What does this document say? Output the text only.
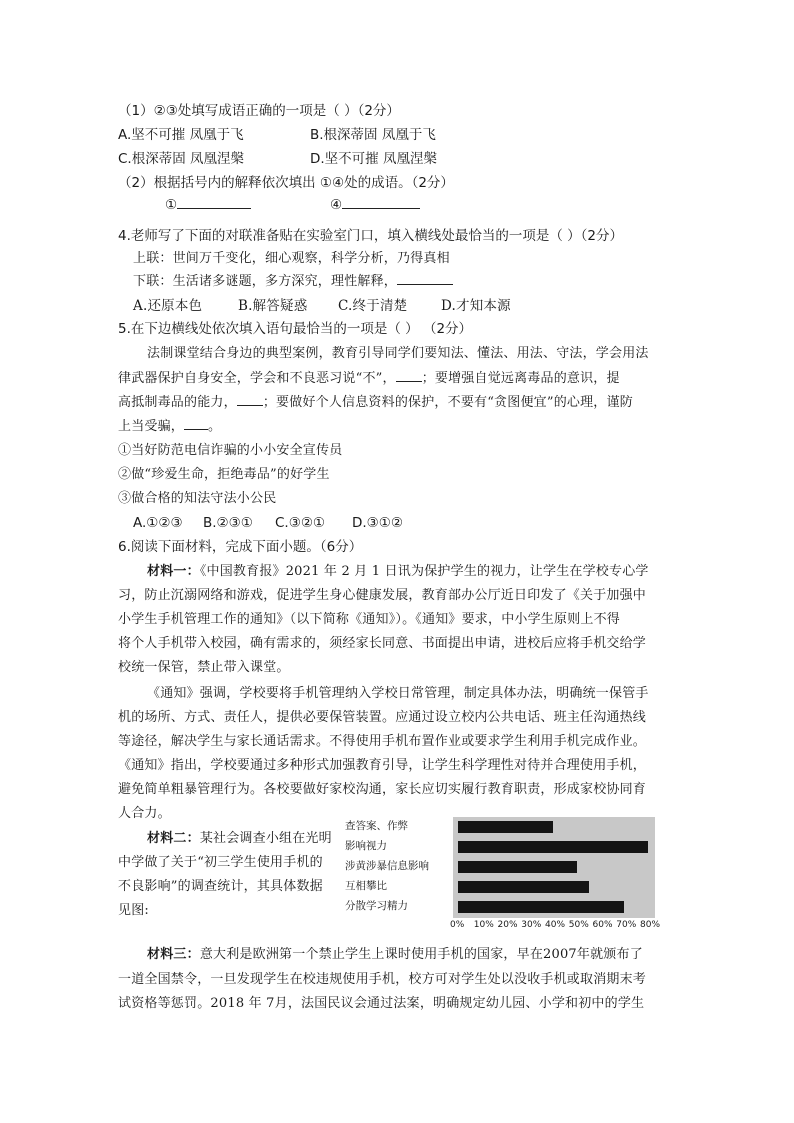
（1）②③处填写成语正确的一项是（ ）（2分）
A.坚不可摧 凤凰于飞	B.根深蒂固 凤凰于飞
C.根深蒂固 凤凰涅槃	D.坚不可摧 凤凰涅槃
（2）根据括号内的解释依次填出 ①④处的成语。（2分）
①	④
4.老师写了下面的对联准备贴在实验室门口，填入横线处最恰当的一项是（ ）（2分）
上联：世间万千变化，细心观察，科学分析，乃得真相
下联：生活诸多谜题，多方深究，理性解释，
A.还原本色	B.解答疑惑 C.终于清楚 D.才知本源
5.在下边横线处依次填入语句最恰当的一项是（ ） （2分）
法制课堂结合身边的典型案例，教育引导同学们要知法、懂法、用法、守法，学会用法
律武器保护自身安全，学会和不良恶习说“不”， ；要增强自觉远离毒品的意识，提
高抵制毒品的能力， ；要做好个人信息资料的保护，不要有“贪图便宜”的心理，谨防
上当受骗， 。
①当好防范电信诈骗的小小安全宣传员
②做“珍爱生命，拒绝毒品”的好学生
③做合格的知法守法小公民
A.①②③ B.②③① C.③②① D.③①②
6.阅读下面材料，完成下面小题。（6分）
材料一：《中国教育报》2021 年 2 月 1 日讯为保护学生的视力，让学生在学校专心学
习，防止沉溺网络和游戏，促进学生身心健康发展，教育部办公厅近日印发了《关于加强中
小学生手机管理工作的通知》（以下简称《通知》）。《通知》要求，中小学生原则上不得
将个人手机带入校园，确有需求的，须经家长同意、书面提出申请，进校后应将手机交给学
校统一保管，禁止带入课堂。
《通知》强调，学校要将手机管理纳入学校日常管理，制定具体办法，明确统一保管手
机的场所、方式、责任人，提供必要保管装置。应通过设立校内公共电话、班主任沟通热线
等途径，解决学生与家长通话需求。不得使用手机布置作业或要求学生利用手机完成作业。
《通知》指出，学校要通过多种形式加强教育引导，让学生科学理性对待并合理使用手机，
避免简单粗暴管理行为。各校要做好家校沟通，家长应切实履行教育职责，形成家校协同育
人合力。
材料二：某社会调查小组在光明
中学做了关于“初三学生使用手机的
不良影响”的调查统计，其具体数据
见图:
查答案、作弊
影响视力
涉黄涉暴信息影响
互相攀比
分散学习精力
0% 10% 20% 30% 40% 50% 60% 70% 80%
材料三：意大利是欧洲第一个禁止学生上课时使用手机的国家，早在2007年就颁布了
一道全国禁令，一旦发现学生在校违规使用手机，校方可对学生处以没收手机或取消期末考
试资格等惩罚。2018 年 7月，法国民议会通过法案，明确规定幼儿园、小学和初中的学生
